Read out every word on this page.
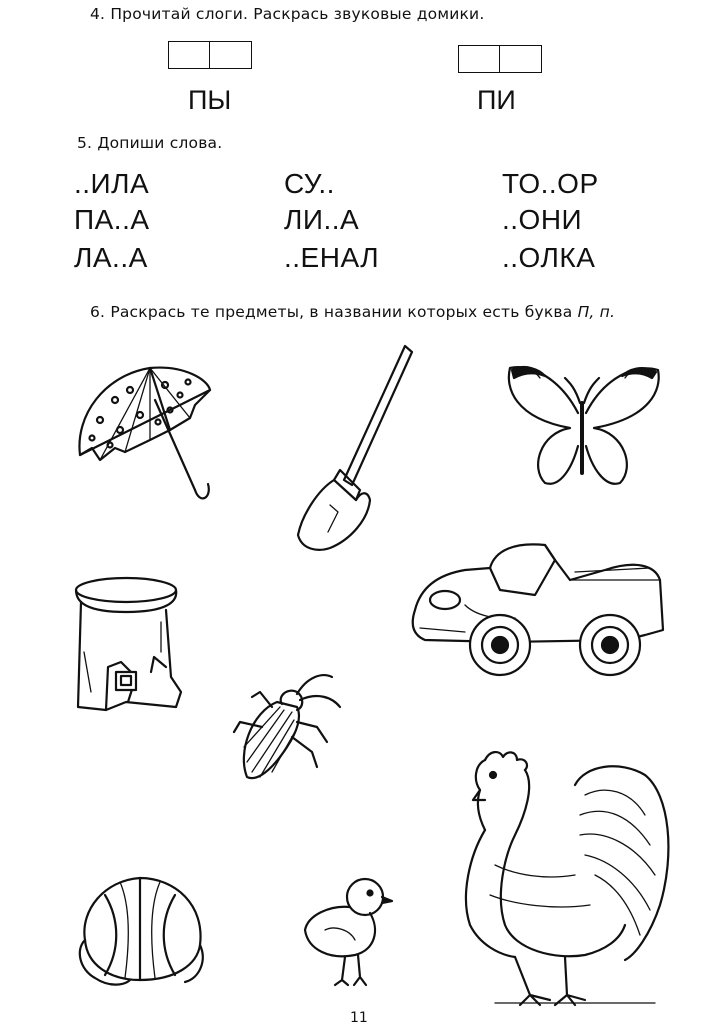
4. Прочитай слоги. Раскрась звуковые домики.
ПЫ	ПИ
5. Допиши слова.
..ИЛА	СУ..	ТО..ОР
ПА..А	ЛИ..А	..ОНИ
ЛА..А	..ЕНАЛ	..ОЛКА
6. Раскрась те предметы, в названии которых есть буква П, п.
11
